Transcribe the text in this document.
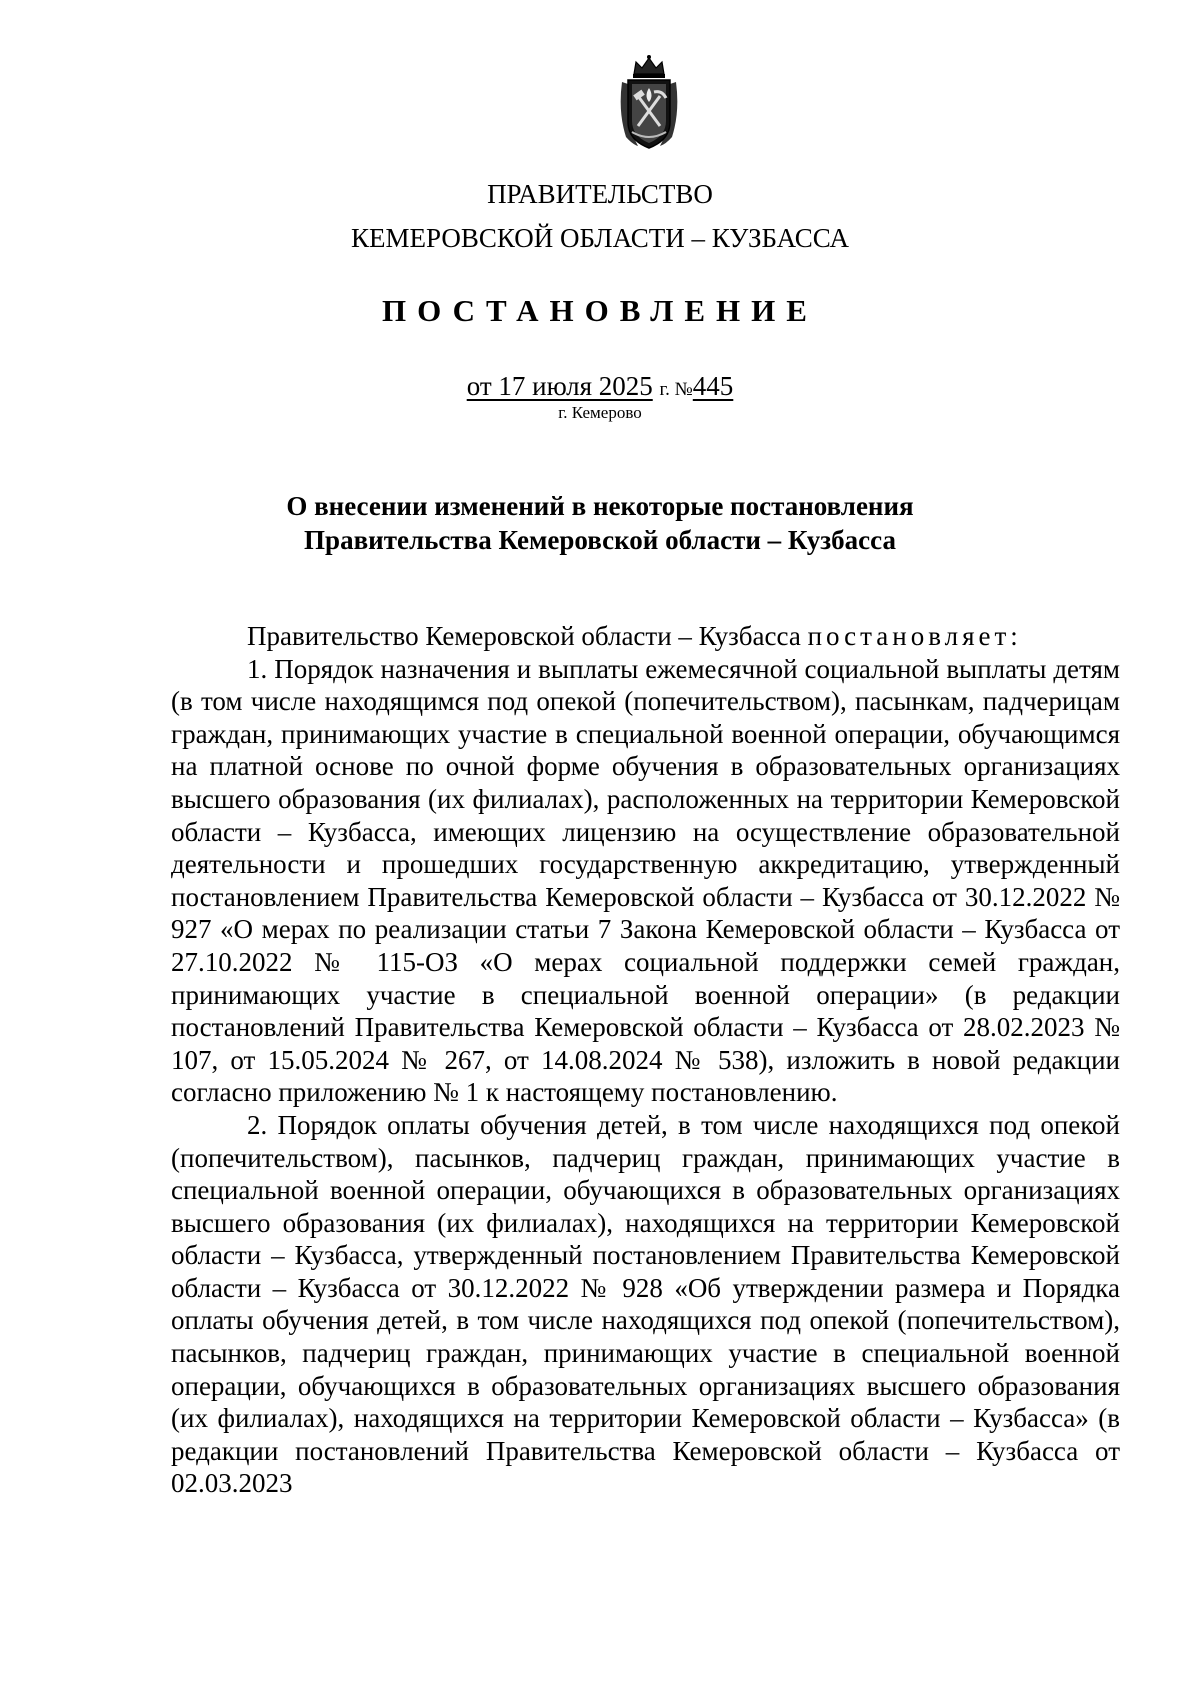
ПРАВИТЕЛЬСТВО
КЕМЕРОВСКОЙ ОБЛАСТИ – КУЗБАССА
ПОСТАНОВЛЕНИЕ
от 17 июля 2025 г. №445
г. Кемерово
О внесении изменений в некоторые постановления
Правительства Кемеровской области – Кузбасса

Правительство Кемеровской области – Кузбасса постановляет:

1. Порядок назначения и выплаты ежемесячной социальной выплаты детям (в том числе находящимся под опекой (попечительством), пасынкам, падчерицам граждан, принимающих участие в специальной военной операции, обучающимся на платной основе по очной форме обучения в образовательных организациях высшего образования (их филиалах), расположенных на территории Кемеровской области – Кузбасса, имеющих лицензию на осуществление образовательной деятельности и прошедших государственную аккредитацию, утвержденный постановлением Правительства Кемеровской области – Кузбасса от 30.12.2022 № 927 «О мерах по реализации статьи 7 Закона Кемеровской области – Кузбасса от 27.10.2022 № 115-ОЗ «О мерах социальной поддержки семей граждан, принимающих участие в специальной военной операции» (в редакции постановлений Правительства Кемеровской области – Кузбасса от 28.02.2023 № 107, от 15.05.2024 № 267, от 14.08.2024 № 538), изложить в новой редакции согласно приложению № 1 к настоящему постановлению.

2. Порядок оплаты обучения детей, в том числе находящихся под опекой (попечительством), пасынков, падчериц граждан, принимающих участие в специальной военной операции, обучающихся в образовательных организациях высшего образования (их филиалах), находящихся на территории Кемеровской области – Кузбасса, утвержденный постановлением Правительства Кемеровской области – Кузбасса от 30.12.2022 № 928 «Об утверждении размера и Порядка оплаты обучения детей, в том числе находящихся под опекой (попечительством), пасынков, падчериц граждан, принимающих участие в специальной военной операции, обучающихся в образовательных организациях высшего образования (их филиалах), находящихся на территории Кемеровской области – Кузбасса» (в редакции постановлений Правительства Кемеровской области – Кузбасса от 02.03.2023
